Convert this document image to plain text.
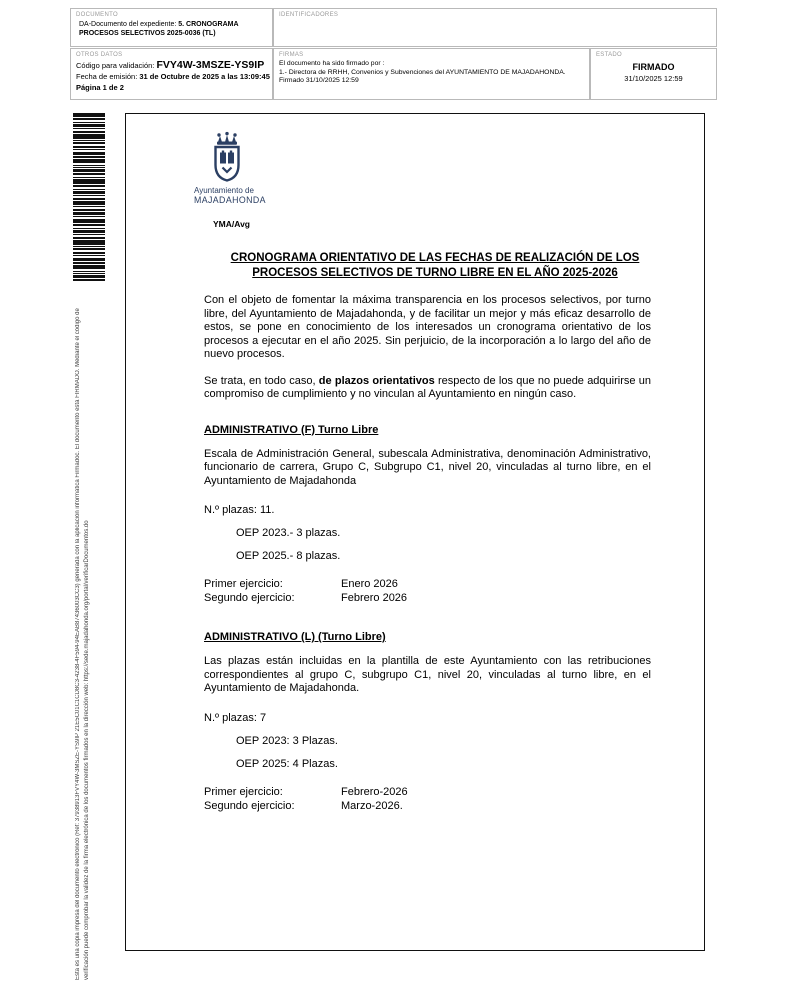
DOCUMENTO
DA-Documento del expediente: 5. CRONOGRAMA PROCESOS SELECTIVOS 2025-0036 (TL)
IDENTIFICADORES
OTROS DATOS
Código para validación: FVY4W-3MSZE-YS9IP
Fecha de emisión: 31 de Octubre de 2025 a las 13:09:45
Página 1 de 2
FIRMAS
El documento ha sido firmado por :
1.- Directora de RRHH, Convenios y Subvenciones del AYUNTAMIENTO DE MAJADAHONDA. Firmado 31/10/2025 12:59
ESTADO
FIRMADO
31/10/2025 12:59
Esta es una copia impresa del documento electrónico (Ref: 37938913FVY4W-3MSZE-YS9IP 21E5C01C1CD8C3-4238-4F594-94EAB87436003CC3) generada con la aplicación informática Firmadoc. El documento está FIRMADO. Mediante el código de verificación puede comprobar la validez de la firma electrónica de los documentos firmados en la dirección web: https://sede.majadahonda.org/portal/verificarDocumentos.do
Ayuntamiento de
MAJADAHONDA
YMA/Avg
CRONOGRAMA ORIENTATIVO DE LAS FECHAS DE REALIZACIÓN DE LOS PROCESOS SELECTIVOS DE TURNO LIBRE EN EL AÑO 2025-2026
Con el objeto de fomentar la máxima transparencia en los procesos selectivos, por turno libre, del Ayuntamiento de Majadahonda, y de facilitar un mejor y más eficaz desarrollo de estos, se pone en conocimiento de los interesados un cronograma orientativo de los procesos a ejecutar en el año 2025. Sin perjuicio, de la incorporación a lo largo del año de nuevo procesos.
Se trata, en todo caso, de plazos orientativos respecto de los que no puede adquirirse un compromiso de cumplimiento y no vinculan al Ayuntamiento en ningún caso.
ADMINISTRATIVO (F) Turno Libre
Escala de Administración General, subescala Administrativa, denominación Administrativo, funcionario de carrera, Grupo C, Subgrupo C1, nivel 20, vinculadas al turno libre, en el Ayuntamiento de Majadahonda
N.º plazas: 11.
OEP 2023.- 3 plazas.
OEP 2025.- 8 plazas.
Primer ejercicio:	Enero 2026
Segundo ejercicio:	Febrero 2026
ADMINISTRATIVO (L) (Turno Libre)
Las plazas están incluidas en la plantilla de este Ayuntamiento con las retribuciones correspondientes al grupo C, subgrupo C1, nivel 20, vinculadas al turno libre, en el Ayuntamiento de Majadahonda.
N.º plazas: 7
OEP 2023: 3 Plazas.
OEP 2025: 4 Plazas.
Primer ejercicio:	Febrero-2026
Segundo ejercicio:	Marzo-2026.
